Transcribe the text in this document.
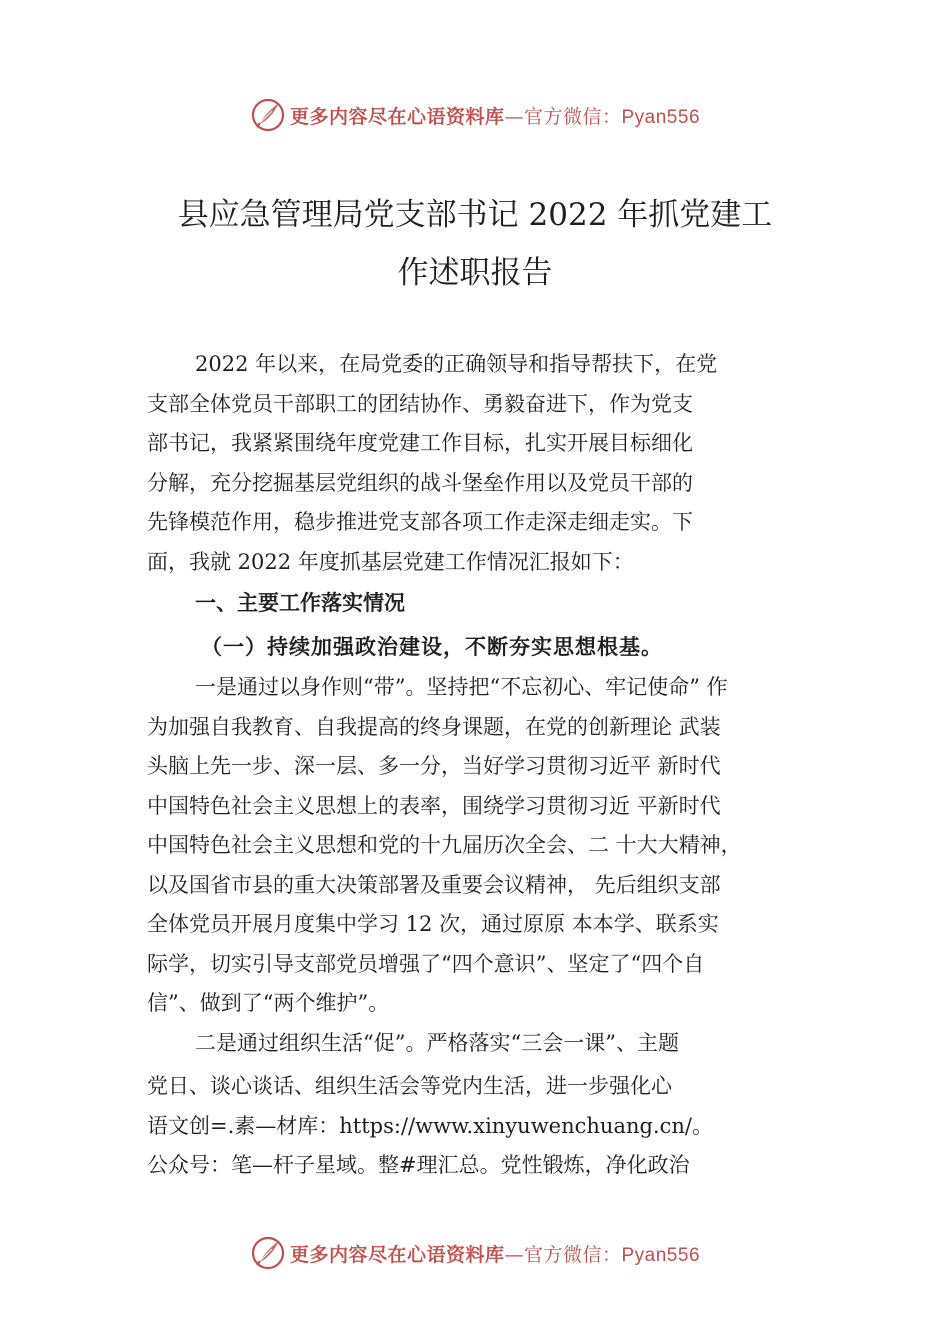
更多内容尽在心语资料库—官方微信：Pyan556
县应急管理局党支部书记 2022 年抓党建工
作述职报告

2022 年以来，在局党委的正确领导和指导帮扶下，在党
支部全体党员干部职工的团结协作、勇毅奋进下，作为党支
部书记，我紧紧围绕年度党建工作目标，扎实开展目标细化
分解，充分挖掘基层党组织的战斗堡垒作用以及党员干部的
先锋模范作用，稳步推进党支部各项工作走深走细走实。下
面，我就 2022 年度抓基层党建工作情况汇报如下：

一、主要工作落实情况
（一）持续加强政治建设，不断夯实思想根基。

一是通过以身作则“带”。坚持把“不忘初心、牢记使命” 作
为加强自我教育、自我提高的终身课题，在党的创新理论 武装
头脑上先一步、深一层、多一分，当好学习贯彻习近平 新时代
中国特色社会主义思想上的表率，围绕学习贯彻习近 平新时代
中国特色社会主义思想和党的十九届历次全会、二 十大大精神，
以及国省市县的重大决策部署及重要会议精神， 先后组织支部
全体党员开展月度集中学习 12 次，通过原原 本本学、联系实
际学，切实引导支部党员增强了“四个意识”、坚定了“四个自
信”、做到了“两个维护”。

二是通过组织生活“促”。严格落实“三会一课”、主题
党日、谈心谈话、组织生活会等党内生活，进一步强化心
语文创=.素—材库：https://www.xinyuwenchuang.cn/。
公众号：笔—杆子星域。整#理汇总。党性锻炼，净化政治

更多内容尽在心语资料库—官方微信：Pyan556
